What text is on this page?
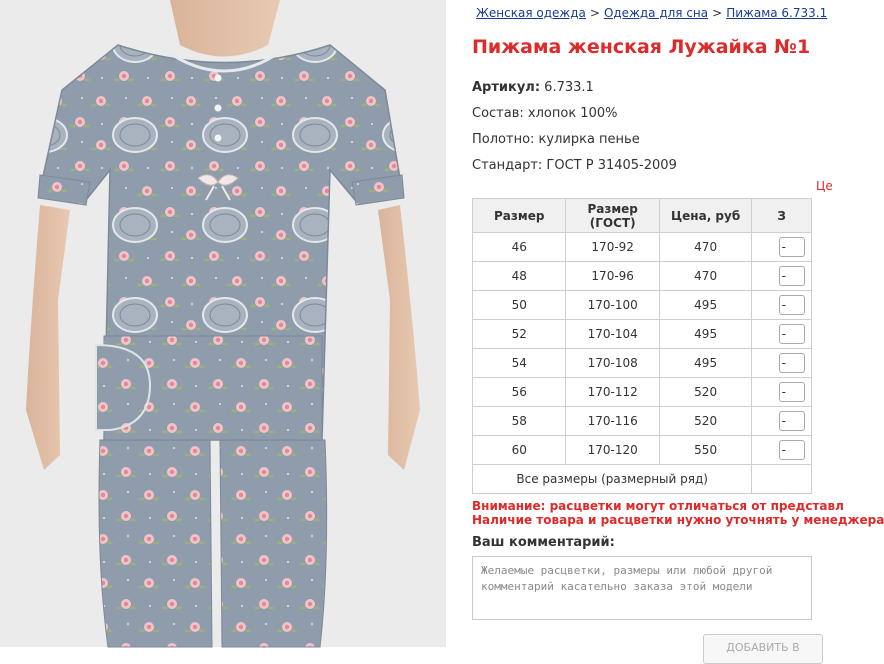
Женская одежда > Одежда для сна > Пижама 6.733.1
Пижама женская Лужайка №1
Артикул: 6.733.1
Состав: хлопок 100%
Полотно: кулирка пенье
Стандарт: ГОСТ Р 31405-2009
Це
Размер	Размер (ГОСТ)	Цена, руб	З
46	170-92	470	-
48	170-96	470	-
50	170-100	495	-
52	170-104	495	-
54	170-108	495	-
56	170-112	520	-
58	170-116	520	-
60	170-120	550	-
Все размеры (размерный ряд)			
Внимание: расцветки могут отличаться от представл
Наличие товара и расцветки нужно уточнять у менеджера
Ваш комментарий:
Желаемые расцветки, размеры или любой другой комментарий касательно заказа этой модели
ДОБАВИТЬ В
